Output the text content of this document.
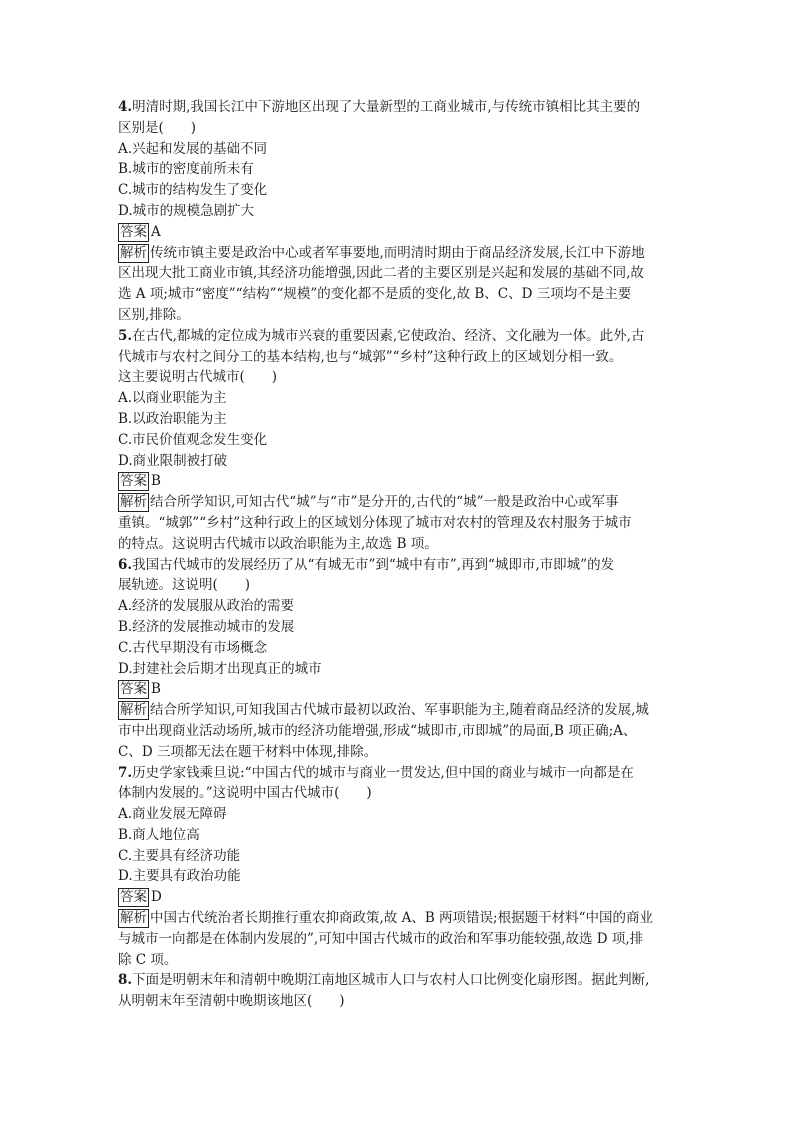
4.明清时期,我国长江中下游地区出现了大量新型的工商业城市,与传统市镇相比其主要的
区别是(　　)
A.兴起和发展的基础不同
B.城市的密度前所未有
C.城市的结构发生了变化
D.城市的规模急剧扩大
答案 A
解析 传统市镇主要是政治中心或者军事要地,而明清时期由于商品经济发展,长江中下游地
区出现大批工商业市镇,其经济功能增强,因此二者的主要区别是兴起和发展的基础不同,故
选 A 项;城市“密度”“结构”“规模”的变化都不是质的变化,故 B、C、D 三项均不是主要
区别,排除。
5.在古代,都城的定位成为城市兴衰的重要因素,它使政治、经济、文化融为一体。此外,古
代城市与农村之间分工的基本结构,也与“城郭”“乡村”这种行政上的区域划分相一致。
这主要说明古代城市(　　)
A.以商业职能为主
B.以政治职能为主
C.市民价值观念发生变化
D.商业限制被打破
答案 B
解析 结合所学知识,可知古代“城”与“市”是分开的,古代的“城”一般是政治中心或军事
重镇。“城郭”“乡村”这种行政上的区域划分体现了城市对农村的管理及农村服务于城市
的特点。这说明古代城市以政治职能为主,故选 B 项。
6.我国古代城市的发展经历了从“有城无市”到“城中有市”,再到“城即市,市即城”的发
展轨迹。这说明(　　)
A.经济的发展服从政治的需要
B.经济的发展推动城市的发展
C.古代早期没有市场概念
D.封建社会后期才出现真正的城市
答案 B
解析 结合所学知识,可知我国古代城市最初以政治、军事职能为主,随着商品经济的发展,城
市中出现商业活动场所,城市的经济功能增强,形成“城即市,市即城”的局面,B 项正确;A、
C、D 三项都无法在题干材料中体现,排除。
7.历史学家钱乘旦说:“中国古代的城市与商业一贯发达,但中国的商业与城市一向都是在
体制内发展的。”这说明中国古代城市(　　)
A.商业发展无障碍
B.商人地位高
C.主要具有经济功能
D.主要具有政治功能
答案 D
解析 中国古代统治者长期推行重农抑商政策,故 A、B 两项错误;根据题干材料“中国的商业
与城市一向都是在体制内发展的”,可知中国古代城市的政治和军事功能较强,故选 D 项,排
除 C 项。
8.下面是明朝末年和清朝中晚期江南地区城市人口与农村人口比例变化扇形图。据此判断,
从明朝末年至清朝中晚期该地区(　　)
